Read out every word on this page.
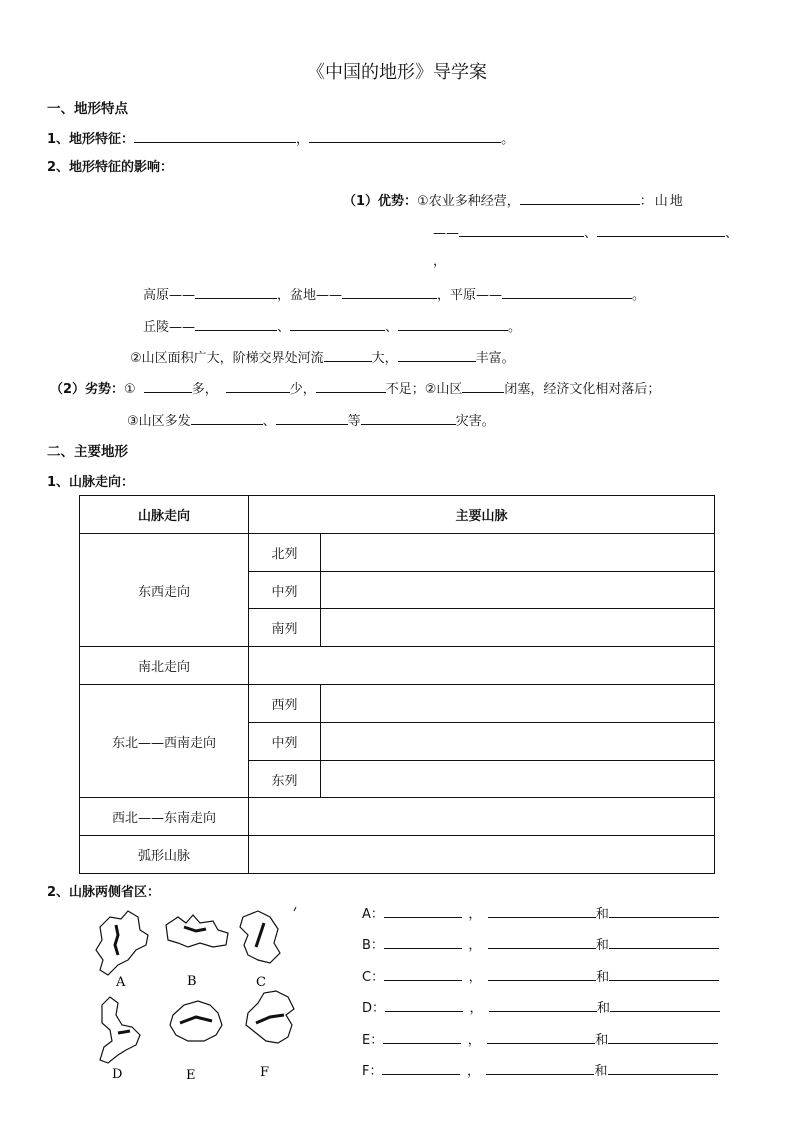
《中国的地形》导学案
一、地形特点
1、地形特征：	，	。
2、地形特征的影响：
（1）优势：①农业多种经营，	：山地
——	、	、
，
高原——	，盆地——	，平原——	。
丘陵——	、	、	。
②山区面积广大，阶梯交界处河流	大，	丰富。
（2）劣势：①	多，	少，	不足；②山区	闭塞，经济文化相对落后；
③山区多发	、	等	灾害。
二、主要地形
1、山脉走向：
山脉走向	主要山脉	
东西走向	北列	
	中列	
	南列	
南北走向		
东北——西南走向	西列	
	中列	
	东列	
西北——东南走向		
弧形山脉		
2、山脉两侧省区：
A	B	C
D	E	F
A：	，	和
B：	，	和
C：	，	和
D：	，	和
E：	，	和
F：	，	和
